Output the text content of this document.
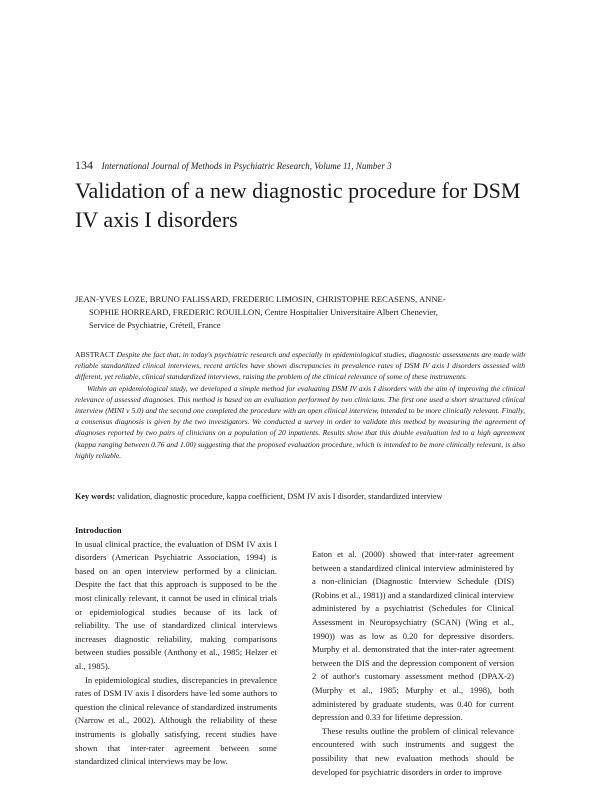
134 International Journal of Methods in Psychiatric Research, Volume 11, Number 3
Validation of a new diagnostic procedure for DSM IV axis I disorders
JEAN-YVES LOZE, BRUNO FALISSARD, FREDERIC LIMOSIN, CHRISTOPHE RECASENS, ANNE-
SOPHIE HORREARD, FREDERIC ROUILLON, Centre Hospitalier Universitaire Albert Chenevier,
Service de Psychiatrie, Créteil, France

ABSTRACT Despite the fact that, in today's psychiatric research and especially in epidemiological studies, diagnostic assessments are made with reliable standardized clinical interviews, recent articles have shown discrepancies in prevalence rates of DSM IV axis I disorders assessed with different, yet reliable, clinical standardized interviews, raising the problem of the clinical relevance of some of these instruments.

Within an epidemiological study, we developed a simple method for evaluating DSM IV axis I disorders with the aim of improving the clinical relevance of assessed diagnoses. This method is based on an evaluation performed by two clinicians. The first one used a short structured clinical interview (MINI v 5.0) and the second one completed the procedure with an open clinical interview, intended to be more clinically relevant. Finally, a consensus diagnosis is given by the two investigators. We conducted a survey in order to validate this method by measuring the agreement of diagnoses reported by two pairs of clinicians on a population of 20 inpatients. Results show that this double evaluation led to a high agreement (kappa ranging between 0.76 and 1.00) suggesting that the proposed evaluation procedure, which is intended to be more clinically relevant, is also highly reliable.

Key words: validation, diagnostic procedure, kappa coefficient, DSM IV axis I disorder, standardized interview
Introduction

In usual clinical practice, the evaluation of DSM IV axis I disorders (American Psychiatric Association, 1994) is based on an open interview performed by a clinician. Despite the fact that this approach is supposed to be the most clinically relevant, it cannot be used in clinical trials or epidemiological studies because of its lack of reliability. The use of standardized clinical interviews increases diagnostic reliability, making comparisons between studies possible (Anthony et al., 1985; Helzer et al., 1985).

In epidemiological studies, discrepancies in prevalence rates of DSM IV axis I disorders have led some authors to question the clinical relevance of standardized instruments (Narrow et al., 2002). Although the reliability of these instruments is globally satisfying, recent studies have shown that inter-rater agreement between some standardized clinical interviews may be low.

Eaton et al. (2000) showed that inter-rater agreement between a standardized clinical interview administered by a non-clinician (Diagnostic Interview Schedule (DIS) (Robins et al., 1981)) and a standardized clinical interview administered by a psychiatrist (Schedules for Clinical Assessment in Neuropsychiatry (SCAN) (Wing et al., 1990)) was as low as 0.20 for depressive disorders. Murphy et al. demonstrated that the inter-rater agreement between the DIS and the depression component of version 2 of author's customary assessment method (DPAX-2) (Murphy et al., 1985; Murphy et al., 1998), both administered by graduate students, was 0.40 for current depression and 0.33 for lifetime depression.

These results outline the problem of clinical relevance encountered with such instruments and suggest the possibility that new evaluation methods should be developed for psychiatric disorders in order to improve
